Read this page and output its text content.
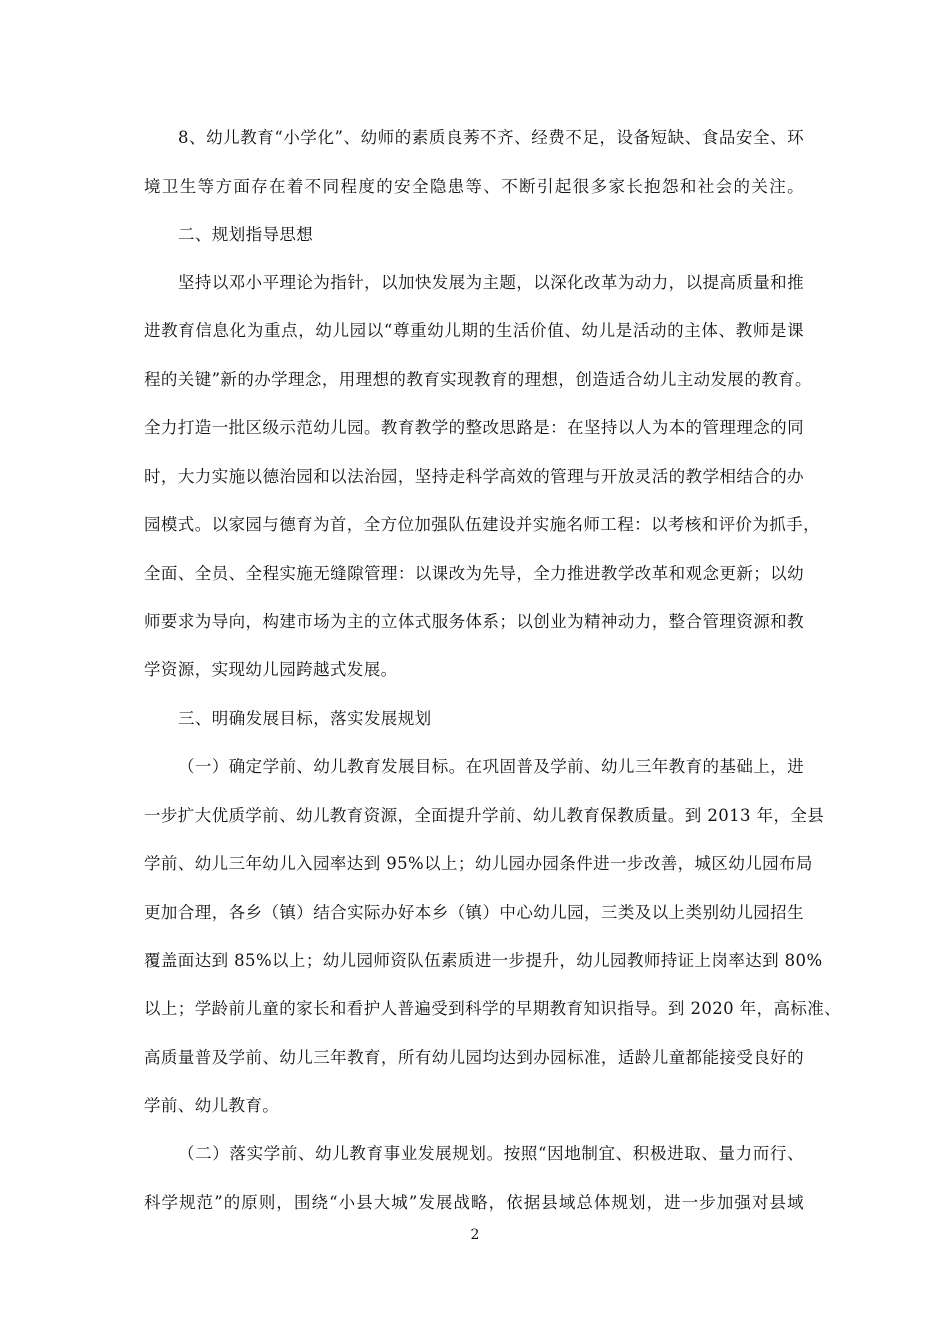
8、幼儿教育“小学化”、幼师的素质良莠不齐、经费不足，设备短缺、食品安全、环
境卫生等方面存在着不同程度的安全隐患等、不断引起很多家长抱怨和社会的关注。
二、规划指导思想
坚持以邓小平理论为指针，以加快发展为主题，以深化改革为动力，以提高质量和推
进教育信息化为重点，幼儿园以“尊重幼儿期的生活价值、幼儿是活动的主体、教师是课
程的关键”新的办学理念，用理想的教育实现教育的理想，创造适合幼儿主动发展的教育。
全力打造一批区级示范幼儿园。教育教学的整改思路是：在坚持以人为本的管理理念的同
时，大力实施以德治园和以法治园，坚持走科学高效的管理与开放灵活的教学相结合的办
园模式。以家园与德育为首，全方位加强队伍建设并实施名师工程：以考核和评价为抓手，
全面、全员、全程实施无缝隙管理：以课改为先导，全力推进教学改革和观念更新；以幼
师要求为导向，构建市场为主的立体式服务体系；以创业为精神动力，整合管理资源和教
学资源，实现幼儿园跨越式发展。
三、明确发展目标，落实发展规划
（一）确定学前、幼儿教育发展目标。在巩固普及学前、幼儿三年教育的基础上，进
一步扩大优质学前、幼儿教育资源，全面提升学前、幼儿教育保教质量。到 2013 年，全县
学前、幼儿三年幼儿入园率达到 95%以上；幼儿园办园条件进一步改善，城区幼儿园布局
更加合理，各乡（镇）结合实际办好本乡（镇）中心幼儿园，三类及以上类别幼儿园招生
覆盖面达到 85%以上；幼儿园师资队伍素质进一步提升，幼儿园教师持证上岗率达到 80%
以上；学龄前儿童的家长和看护人普遍受到科学的早期教育知识指导。到 2020 年，高标准、
高质量普及学前、幼儿三年教育，所有幼儿园均达到办园标准，适龄儿童都能接受良好的
学前、幼儿教育。
（二）落实学前、幼儿教育事业发展规划。按照“因地制宜、积极进取、量力而行、
科学规范”的原则，围绕“小县大城”发展战略，依据县域总体规划，进一步加强对县域
2
